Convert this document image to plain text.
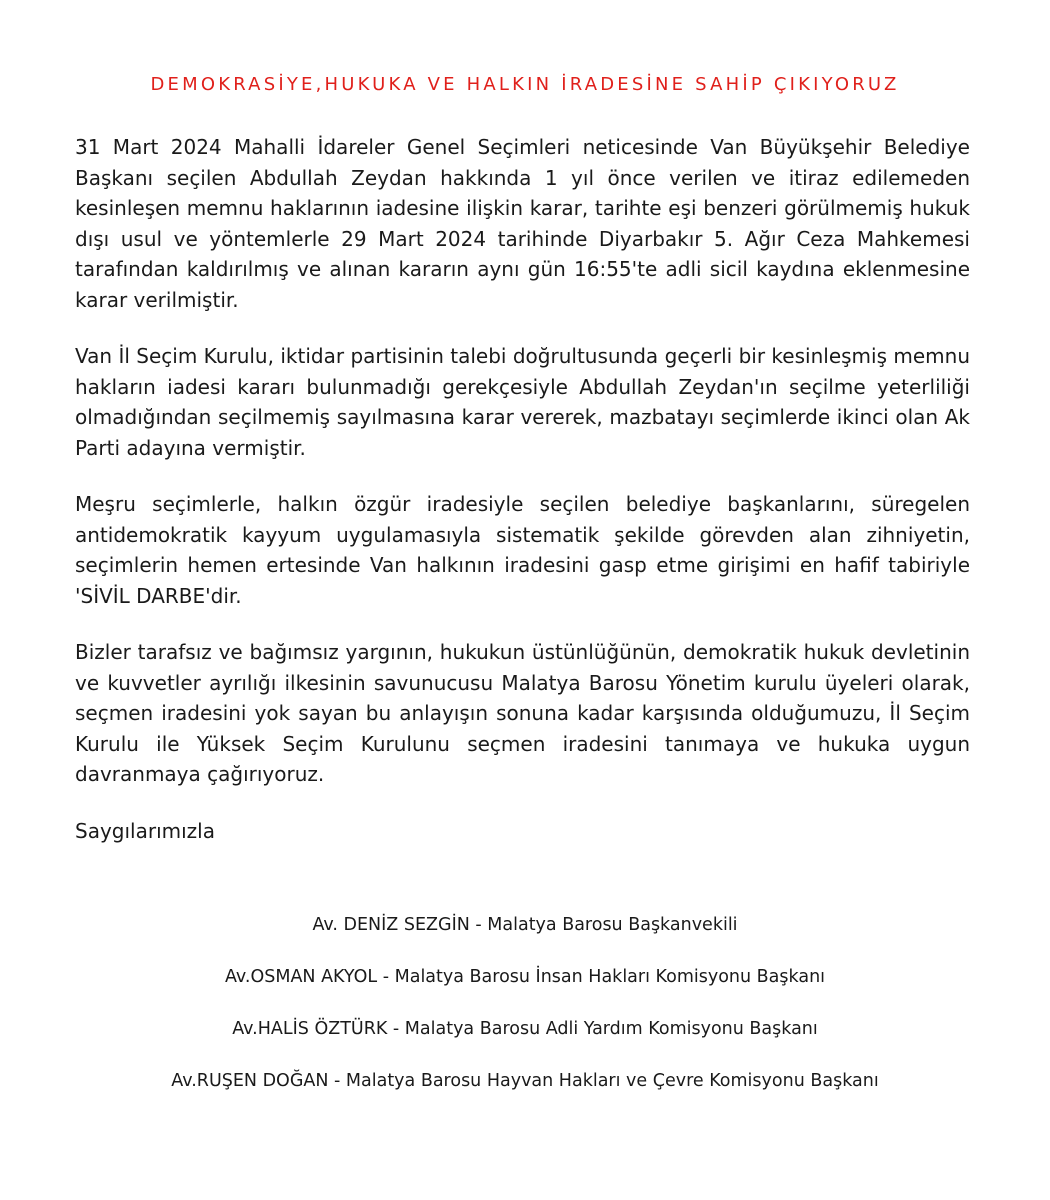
DEMOKRASİYE,HUKUKA VE HALKIN İRADESİNE SAHİP ÇIKIYORUZ

31 Mart 2024 Mahalli İdareler Genel Seçimleri neticesinde Van Büyükşehir Belediye Başkanı seçilen Abdullah Zeydan hakkında 1 yıl önce verilen ve itiraz edilemeden kesinleşen memnu haklarının iadesine ilişkin karar, tarihte eşi benzeri görülmemiş hukuk dışı usul ve yöntemlerle 29 Mart 2024 tarihinde Diyarbakır 5. Ağır Ceza Mahkemesi tarafından kaldırılmış ve alınan kararın aynı gün 16:55'te adli sicil kaydına eklenmesine karar verilmiştir.

Van İl Seçim Kurulu, iktidar partisinin talebi doğrultusunda geçerli bir kesinleşmiş memnu hakların iadesi kararı bulunmadığı gerekçesiyle Abdullah Zeydan'ın seçilme yeterliliği olmadığından seçilmemiş sayılmasına karar vererek, mazbatayı seçimlerde ikinci olan Ak Parti adayına vermiştir.

Meşru seçimlerle, halkın özgür iradesiyle seçilen belediye başkanlarını, süregelen antidemokratik kayyum uygulamasıyla sistematik şekilde görevden alan zihniyetin, seçimlerin hemen ertesinde Van halkının iradesini gasp etme girişimi en hafif tabiriyle 'SİVİL DARBE'dir.

Bizler tarafsız ve bağımsız yargının, hukukun üstünlüğünün, demokratik hukuk devletinin ve kuvvetler ayrılığı ilkesinin savunucusu Malatya Barosu Yönetim kurulu üyeleri olarak, seçmen iradesini yok sayan bu anlayışın sonuna kadar karşısında olduğumuzu, İl Seçim Kurulu ile Yüksek Seçim Kurulunu seçmen iradesini tanımaya ve hukuka uygun davranmaya çağırıyoruz.

Saygılarımızla

Av. DENİZ SEZGİN - Malatya Barosu Başkanvekili
Av.OSMAN AKYOL - Malatya Barosu İnsan Hakları Komisyonu Başkanı
Av.HALİS ÖZTÜRK - Malatya Barosu Adli Yardım Komisyonu Başkanı
Av.RUŞEN DOĞAN - Malatya Barosu Hayvan Hakları ve Çevre Komisyonu Başkanı
